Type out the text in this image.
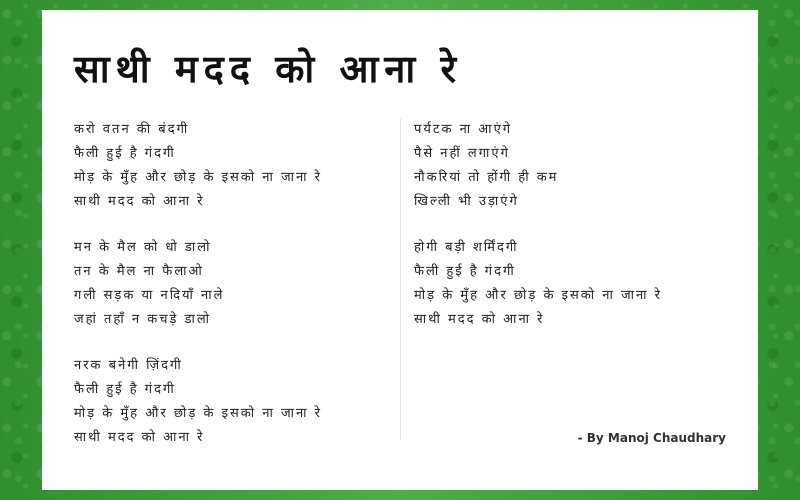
साथी मदद को आना रे
करो वतन की बंदगी
फैली हुई है गंदगी
मोड़ के मुँह और छोड़ के इसको ना जाना रे
साथी मदद को आना रे
मन के मैल को धो डालो
तन के मैल ना फैलाओ
गली सड़क या नदियाँ नाले
जहां तहाँ न कचड़े डालो
नरक बनेगी ज़िंदगी
फैली हुई है गंदगी
मोड़ के मुँह और छोड़ के इसको ना जाना रे
साथी मदद को आना रे
पर्यटक ना आएंगे
पैसे नहीं लगाएंगे
नौकरियां तो होंगी ही कम
खिल्ली भी उड़ाएंगे
होगी बड़ी शर्मिंदगी
फैली हुई है गंदगी
मोड़ के मुँह और छोड़ के इसको ना जाना रे
साथी मदद को आना रे
- By Manoj Chaudhary
